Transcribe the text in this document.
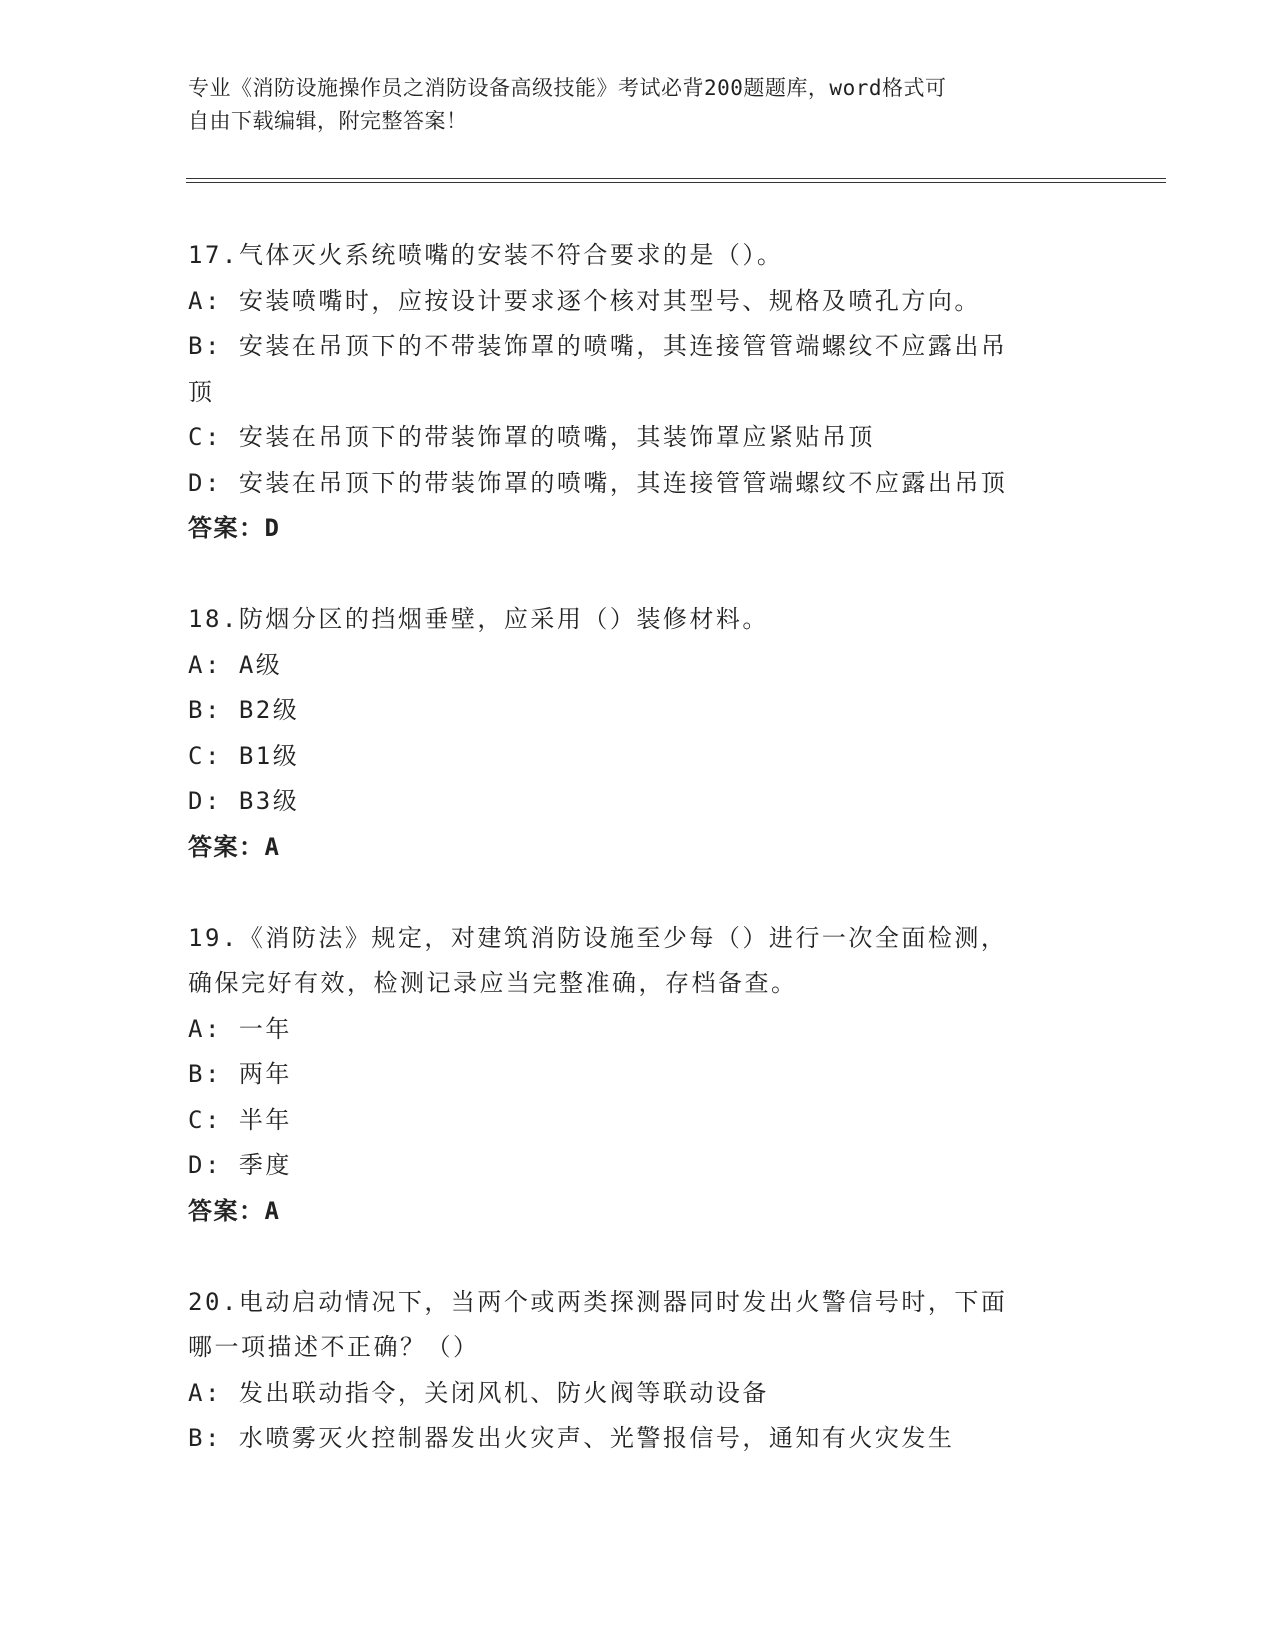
专业《消防设施操作员之消防设备高级技能》考试必背200题题库，word格式可
自由下载编辑，附完整答案！

17.气体灭火系统喷嘴的安装不符合要求的是（）。

A: 安装喷嘴时，应按设计要求逐个核对其型号、规格及喷孔方向。

B: 安装在吊顶下的不带装饰罩的喷嘴，其连接管管端螺纹不应露出吊

顶

C: 安装在吊顶下的带装饰罩的喷嘴，其装饰罩应紧贴吊顶

D: 安装在吊顶下的带装饰罩的喷嘴，其连接管管端螺纹不应露出吊顶

答案：D

18.防烟分区的挡烟垂壁，应采用（）装修材料。

A: A级

B: B2级

C: B1级

D: B3级

答案：A

19.《消防法》规定，对建筑消防设施至少每（）进行一次全面检测，

确保完好有效，检测记录应当完整准确，存档备查。

A: 一年

B: 两年

C: 半年

D: 季度

答案：A

20.电动启动情况下，当两个或两类探测器同时发出火警信号时，下面

哪一项描述不正确？（）

A: 发出联动指令，关闭风机、防火阀等联动设备

B: 水喷雾灭火控制器发出火灾声、光警报信号，通知有火灾发生
